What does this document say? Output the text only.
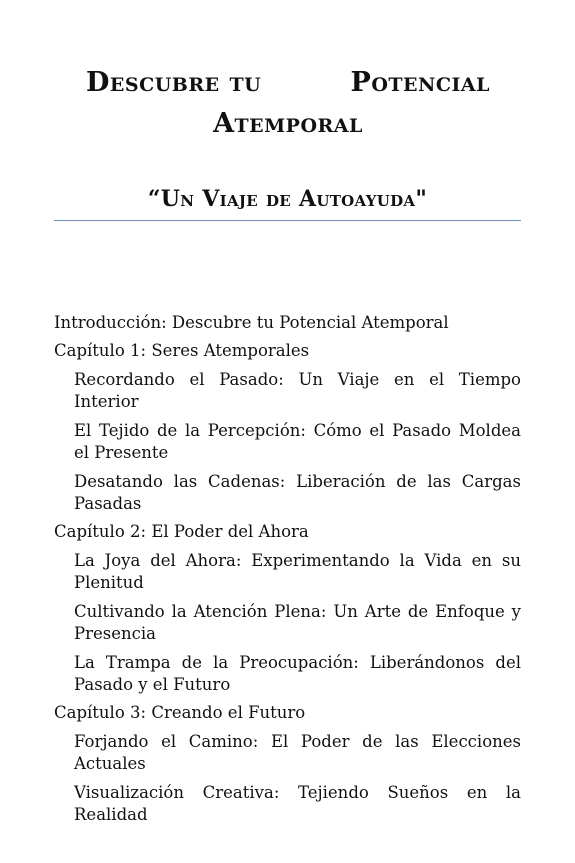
Descubre tu	Potencial
Atemporal
“Un Viaje de Autoayuda"
Introducción: Descubre tu Potencial Atemporal
Capítulo 1: Seres Atemporales
Recordando el Pasado: Un Viaje en el Tiempo Interior
El Tejido de la Percepción: Cómo el Pasado Moldea el Presente
Desatando las Cadenas: Liberación de las Cargas Pasadas
Capítulo 2: El Poder del Ahora
La Joya del Ahora: Experimentando la Vida en su Plenitud
Cultivando la Atención Plena: Un Arte de Enfoque y Presencia
La Trampa de la Preocupación: Liberándonos del Pasado y el Futuro
Capítulo 3: Creando el Futuro
Forjando el Camino: El Poder de las Elecciones Actuales
Visualización Creativa: Tejiendo Sueños en la Realidad
